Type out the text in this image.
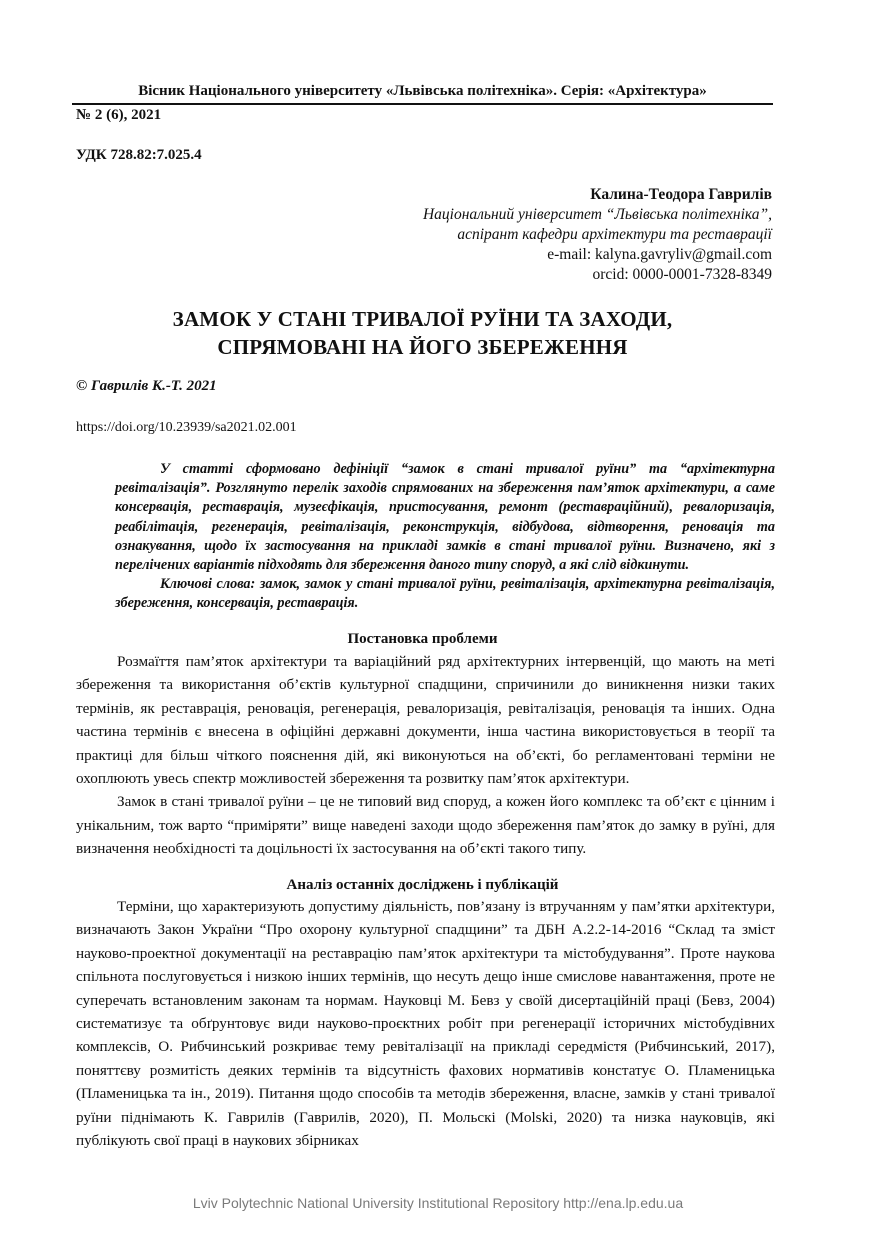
Вісник Національного університету «Львівська політехніка». Серія: «Архітектура»
№ 2 (6), 2021
УДК 728.82:7.025.4
Калина-Теодора Гаврилів
Національний університет “Львівська політехніка”,
аспірант кафедри архітектури та реставрації
e-mail: kalyna.gavryliv@gmail.com
orcid: 0000-0001-7328-8349
ЗАМОК У СТАНІ ТРИВАЛОЇ РУЇНИ ТА ЗАХОДИ,
СПРЯМОВАНІ НА ЙОГО ЗБЕРЕЖЕННЯ
© Гаврилів К.-Т. 2021
https://doi.org/10.23939/sa2021.02.001

У статті сформовано дефініції “замок в стані тривалої руїни” та “архітектурна ревіталізація”. Розглянуто перелік заходів спрямованих на збереження пам’яток архітектури, а саме консервація, реставрація, музеєфікація, пристосування, ремонт (реставраційний), ревалоризація, реабілітація, регенерація, ревіталізація, реконструкція, відбудова, відтворення, реновація та ознакування, щодо їх застосування на прикладі замків в стані тривалої руїни. Визначено, які з перелічених варіантів підходять для збереження даного типу споруд, а які слід відкинути.

Ключові слова: замок, замок у стані тривалої руїни, ревіталізація, архітектурна ревіталізація, збереження, консервація, реставрація.

Постановка проблеми

Розмаїття пам’яток архітектури та варіаційний ряд архітектурних інтервенцій, що мають на меті збереження та використання об’єктів культурної спадщини, спричинили до виникнення низки таких термінів, як реставрація, реновація, регенерація, ревалоризація, ревіталізація, реновація та інших. Одна частина термінів є внесена в офіційні державні документи, інша частина використовується в теорії та практиці для більш чіткого пояснення дій, які виконуються на об’єкті, бо регламентовані терміни не охоплюють увесь спектр можливостей збереження та розвитку пам’яток архітектури.

Замок в стані тривалої руїни – це не типовий вид споруд, а кожен його комплекс та об’єкт є цінним і унікальним, тож варто “приміряти” вище наведені заходи щодо збереження пам’яток до замку в руїні, для визначення необхідності та доцільності їх застосування на об’єкті такого типу.

Аналіз останніх досліджень і публікацій

Терміни, що характеризують допустиму діяльність, пов’язану із втручанням у пам’ятки архітектури, визначають Закон України “Про охорону культурної спадщини” та ДБН А.2.2-14-2016 “Склад та зміст науково-проектної документації на реставрацію пам’яток архітектури та містобудування”. Проте наукова спільнота послуговується і низкою інших термінів, що несуть дещо інше смислове навантаження, проте не суперечать встановленим законам та нормам. Науковці М. Бевз у своїй дисертаційній праці (Бевз, 2004) систематизує та обґрунтовує види науково-проєктних робіт при регенерації історичних містобудівних комплексів, О. Рибчинський розкриває тему ревіталізації на прикладі середмістя (Рибчинський, 2017), поняттєву розмитість деяких термінів та відсутність фахових нормативів констатує О. Пламеницька (Пламеницька та ін., 2019). Питання щодо способів та методів збереження, власне, замків у стані тривалої руїни піднімають К. Гаврилів (Гаврилів, 2020), П. Мольскі (Molski, 2020) та низка науковців, які публікують свої праці в наукових збірниках

Lviv Polytechnic National University Institutional Repository http://ena.lp.edu.ua
